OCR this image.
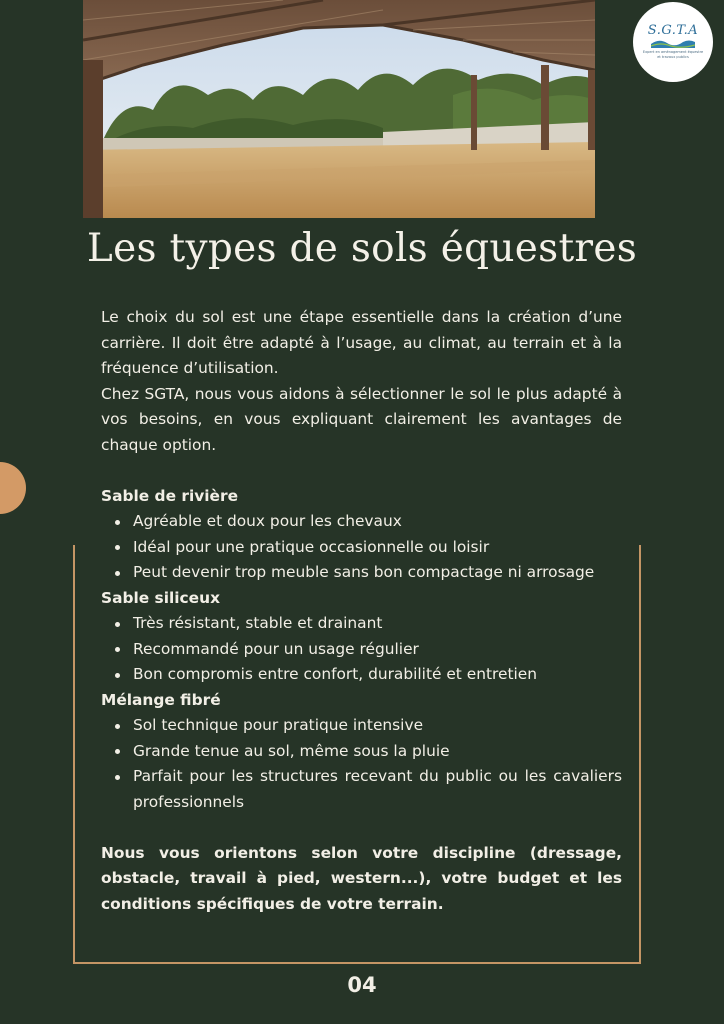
S.G.T.A
Expert en aménagement équestre et travaux publics
Les types de sols équestres

Le choix du sol est une étape essentielle dans la création d’une carrière. Il doit être adapté à l’usage, au climat, au terrain et à la fréquence d’utilisation.

Chez SGTA, nous vous aidons à sélectionner le sol le plus adapté à vos besoins, en vous expliquant clairement les avantages de chaque option.

Sable de rivière

Agréable et doux pour les chevaux
Idéal pour une pratique occasionnelle ou loisir
Peut devenir trop meuble sans bon compactage ni arrosage

Sable siliceux

Très résistant, stable et drainant
Recommandé pour un usage régulier
Bon compromis entre confort, durabilité et entretien

Mélange fibré

Sol technique pour pratique intensive
Grande tenue au sol, même sous la pluie
Parfait pour les structures recevant du public ou les cavaliers professionnels

Nous vous orientons selon votre discipline (dressage, obstacle, travail à pied, western...), votre budget et les conditions spécifiques de votre terrain.

04
